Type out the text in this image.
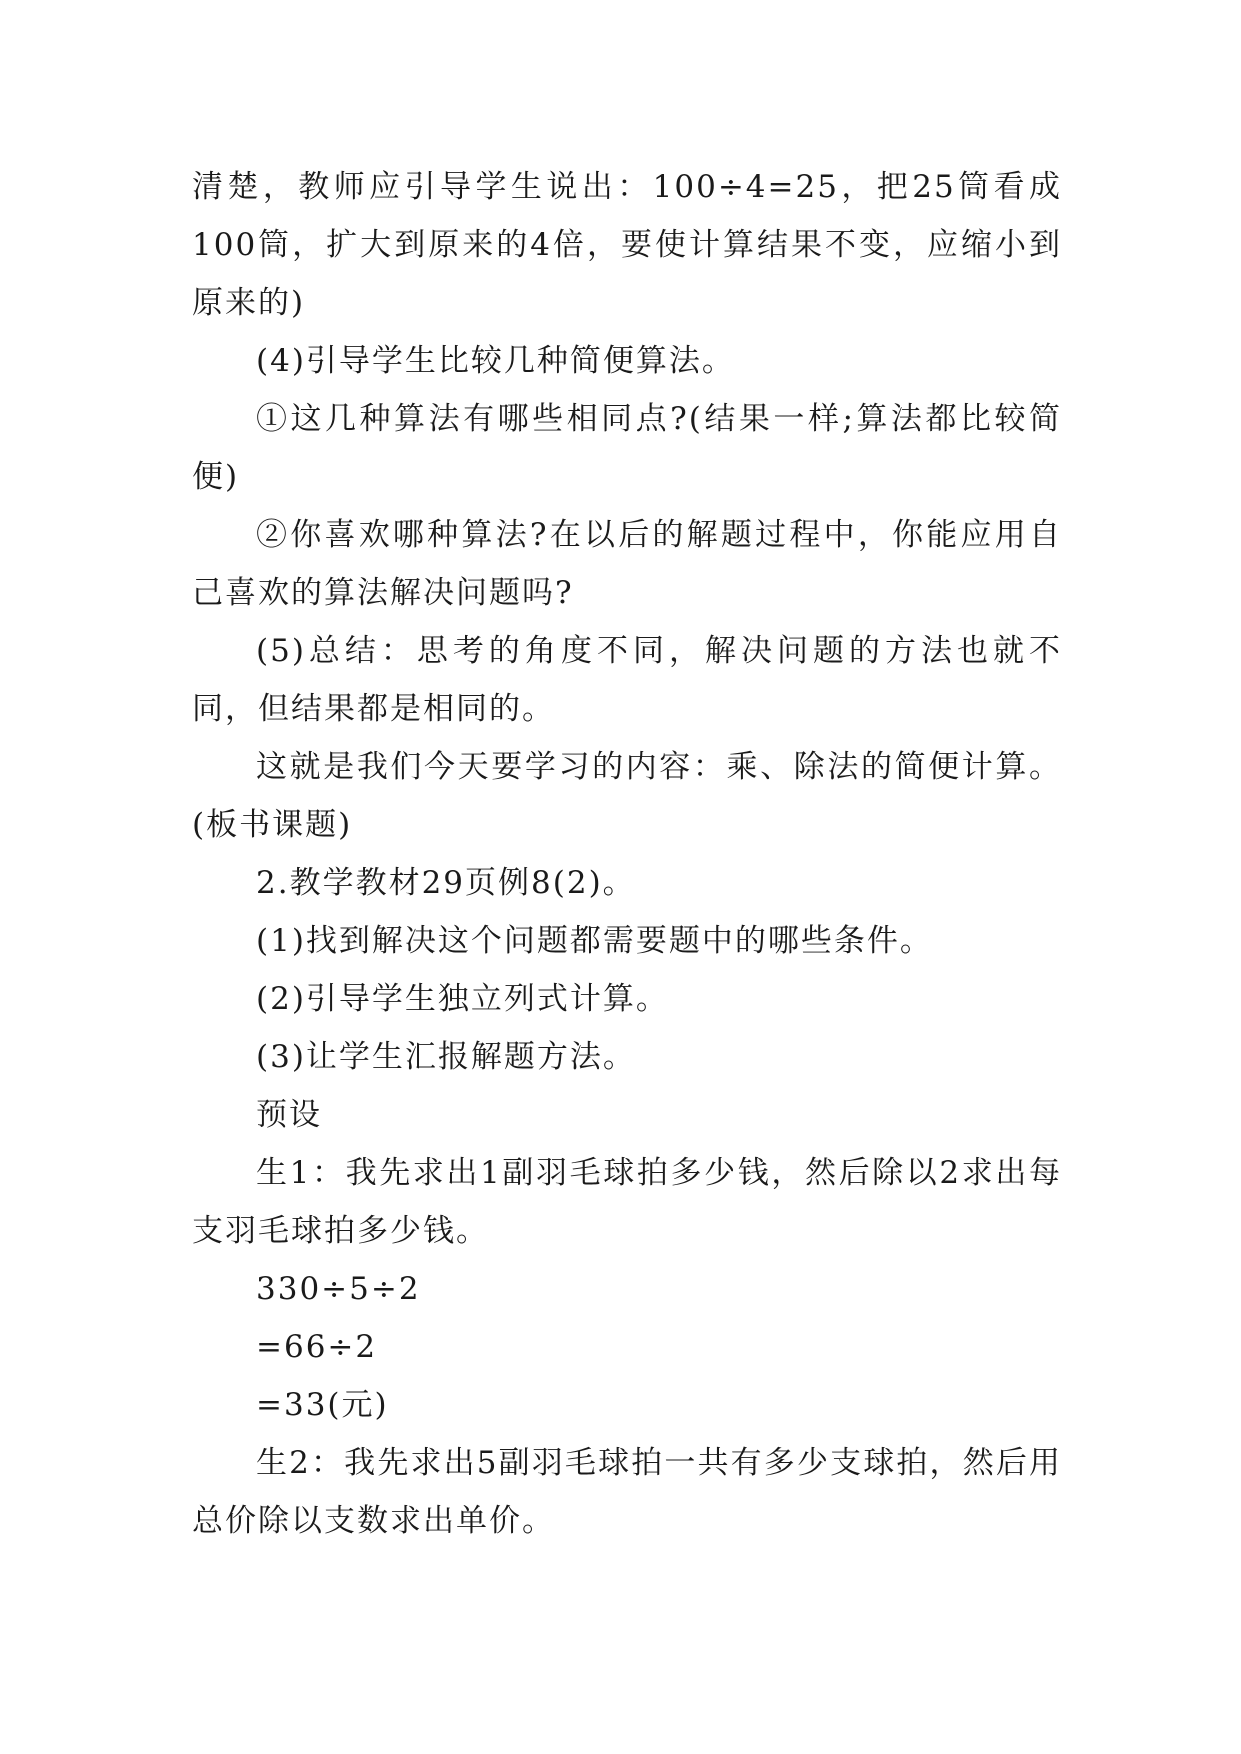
清楚，教师应引导学生说出：100÷4=25，把25筒看成100筒，扩大到原来的4倍，要使计算结果不变，应缩小到原来的)

(4)引导学生比较几种简便算法。

①这几种算法有哪些相同点?(结果一样;算法都比较简便)

②你喜欢哪种算法?在以后的解题过程中，你能应用自己喜欢的算法解决问题吗?

(5)总结：思考的角度不同，解决问题的方法也就不同，但结果都是相同的。

这就是我们今天要学习的内容：乘、除法的简便计算。(板书课题)

2.教学教材29页例8(2)。

(1)找到解决这个问题都需要题中的哪些条件。

(2)引导学生独立列式计算。

(3)让学生汇报解题方法。

预设

生1：我先求出1副羽毛球拍多少钱，然后除以2求出每支羽毛球拍多少钱。

330÷5÷2

=66÷2

=33(元)

生2：我先求出5副羽毛球拍一共有多少支球拍，然后用总价除以支数求出单价。
